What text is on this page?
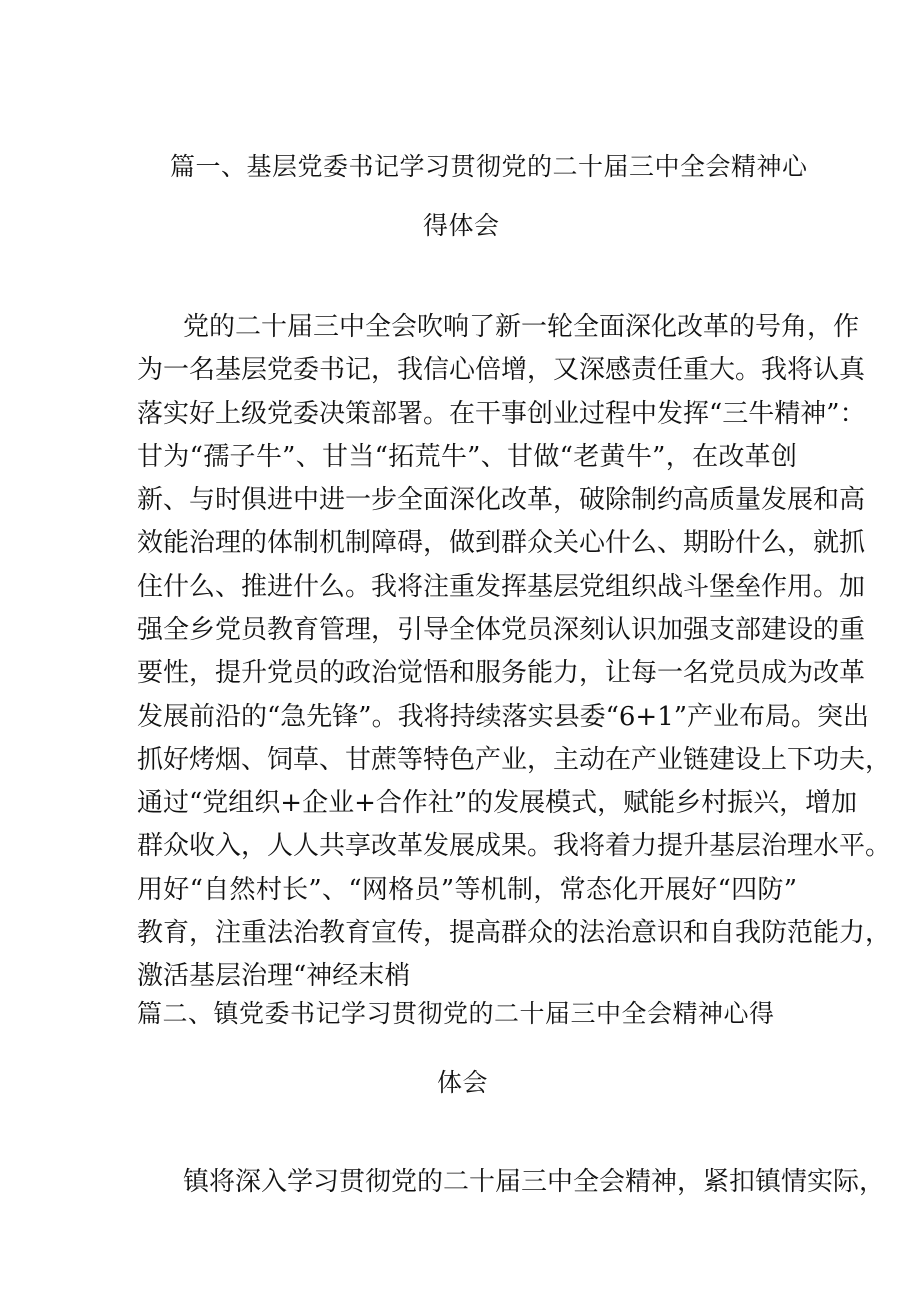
篇一、基层党委书记学习贯彻党的二十届三中全会精神心
得体会
党的二十届三中全会吹响了新一轮全面深化改革的号角，作
为一名基层党委书记，我信心倍增，又深感责任重大。我将认真
落实好上级党委决策部署。在干事创业过程中发挥“三牛精神”：
甘为“孺子牛”、甘当“拓荒牛”、甘做“老黄牛”，在改革创
新、与时俱进中进一步全面深化改革，破除制约高质量发展和高
效能治理的体制机制障碍，做到群众关心什么、期盼什么，就抓
住什么、推进什么。我将注重发挥基层党组织战斗堡垒作用。加
强全乡党员教育管理，引导全体党员深刻认识加强支部建设的重
要性，提升党员的政治觉悟和服务能力，让每一名党员成为改革
发展前沿的“急先锋”。我将持续落实县委“6+1”产业布局。突出
抓好烤烟、饲草、甘蔗等特色产业，主动在产业链建设上下功夫，
通过“党组织+企业+合作社”的发展模式，赋能乡村振兴，增加
群众收入，人人共享改革发展成果。我将着力提升基层治理水平。
用好“自然村长”、“网格员”等机制，常态化开展好“四防”
教育，注重法治教育宣传，提高群众的法治意识和自我防范能力，
激活基层治理“神经末梢
篇二、镇党委书记学习贯彻党的二十届三中全会精神心得
体会
镇将深入学习贯彻党的二十届三中全会精神，紧扣镇情实际，
